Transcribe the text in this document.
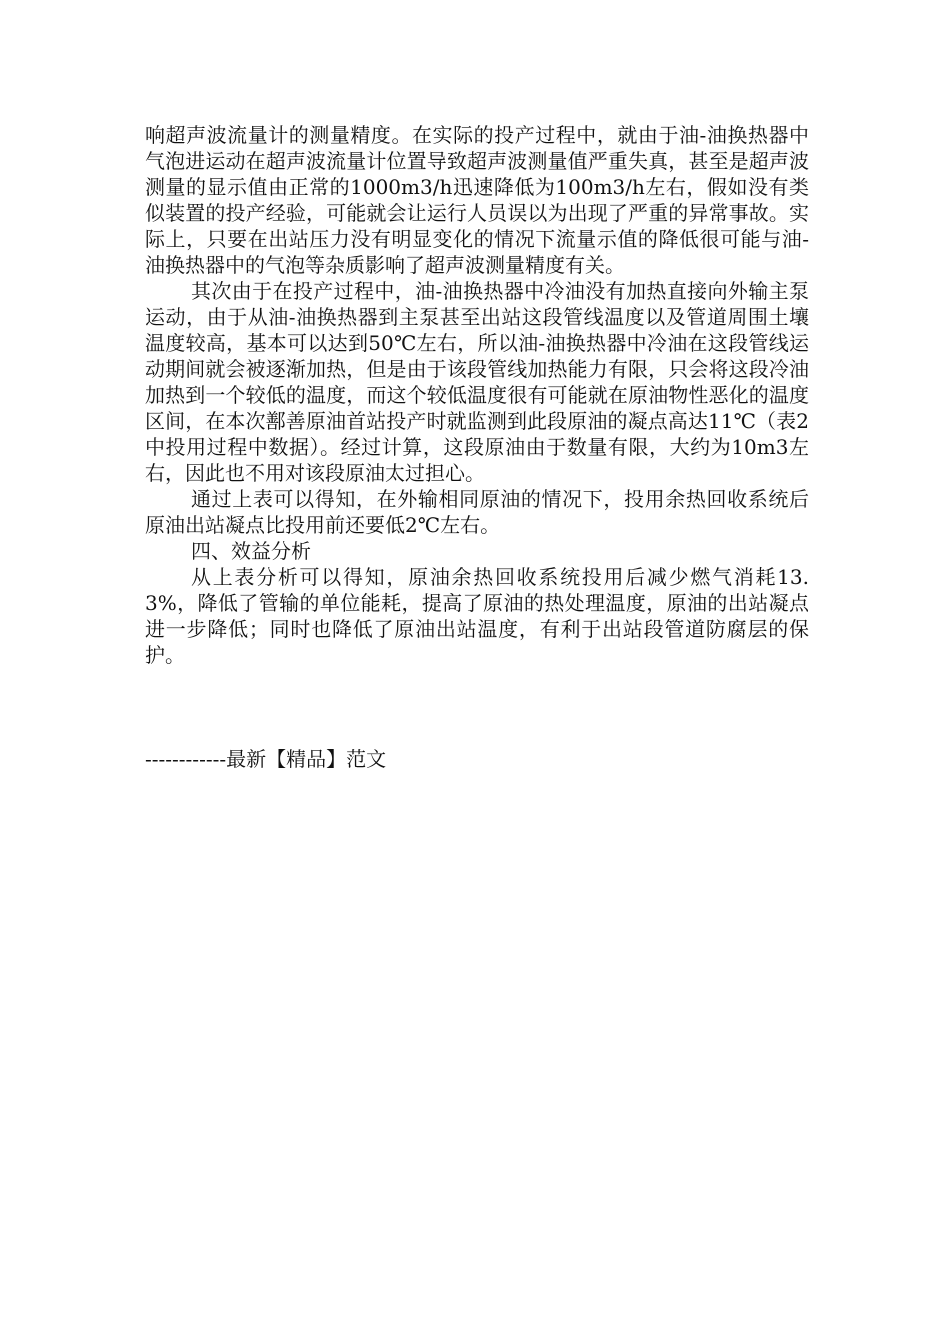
响超声波流量计的测量精度。在实际的投产过程中，就由于油-油换热器中气泡进运动在超声波流量计位置导致超声波测量值严重失真，甚至是超声波测量的显示值由正常的1000m3/h迅速降低为100m3/h左右，假如没有类似装置的投产经验，可能就会让运行人员误以为出现了严重的异常事故。实际上，只要在出站压力没有明显变化的情况下流量示值的降低很可能与油-油换热器中的气泡等杂质影响了超声波测量精度有关。

其次由于在投产过程中，油-油换热器中冷油没有加热直接向外输主泵运动，由于从油-油换热器到主泵甚至出站这段管线温度以及管道周围土壤温度较高，基本可以达到50℃左右，所以油-油换热器中冷油在这段管线运动期间就会被逐渐加热，但是由于该段管线加热能力有限，只会将这段冷油加热到一个较低的温度，而这个较低温度很有可能就在原油物性恶化的温度区间，在本次鄯善原油首站投产时就监测到此段原油的凝点高达11℃（表2中投用过程中数据）。经过计算，这段原油由于数量有限，大约为10m3左右，因此也不用对该段原油太过担心。

通过上表可以得知，在外输相同原油的情况下，投用余热回收系统后原油出站凝点比投用前还要低2℃左右。

四、效益分析

从上表分析可以得知，原油余热回收系统投用后减少燃气消耗13.3%，降低了管输的单位能耗，提高了原油的热处理温度，原油的出站凝点进一步降低；同时也降低了原油出站温度，有利于出站段管道防腐层的保护。

------------最新【精品】范文
